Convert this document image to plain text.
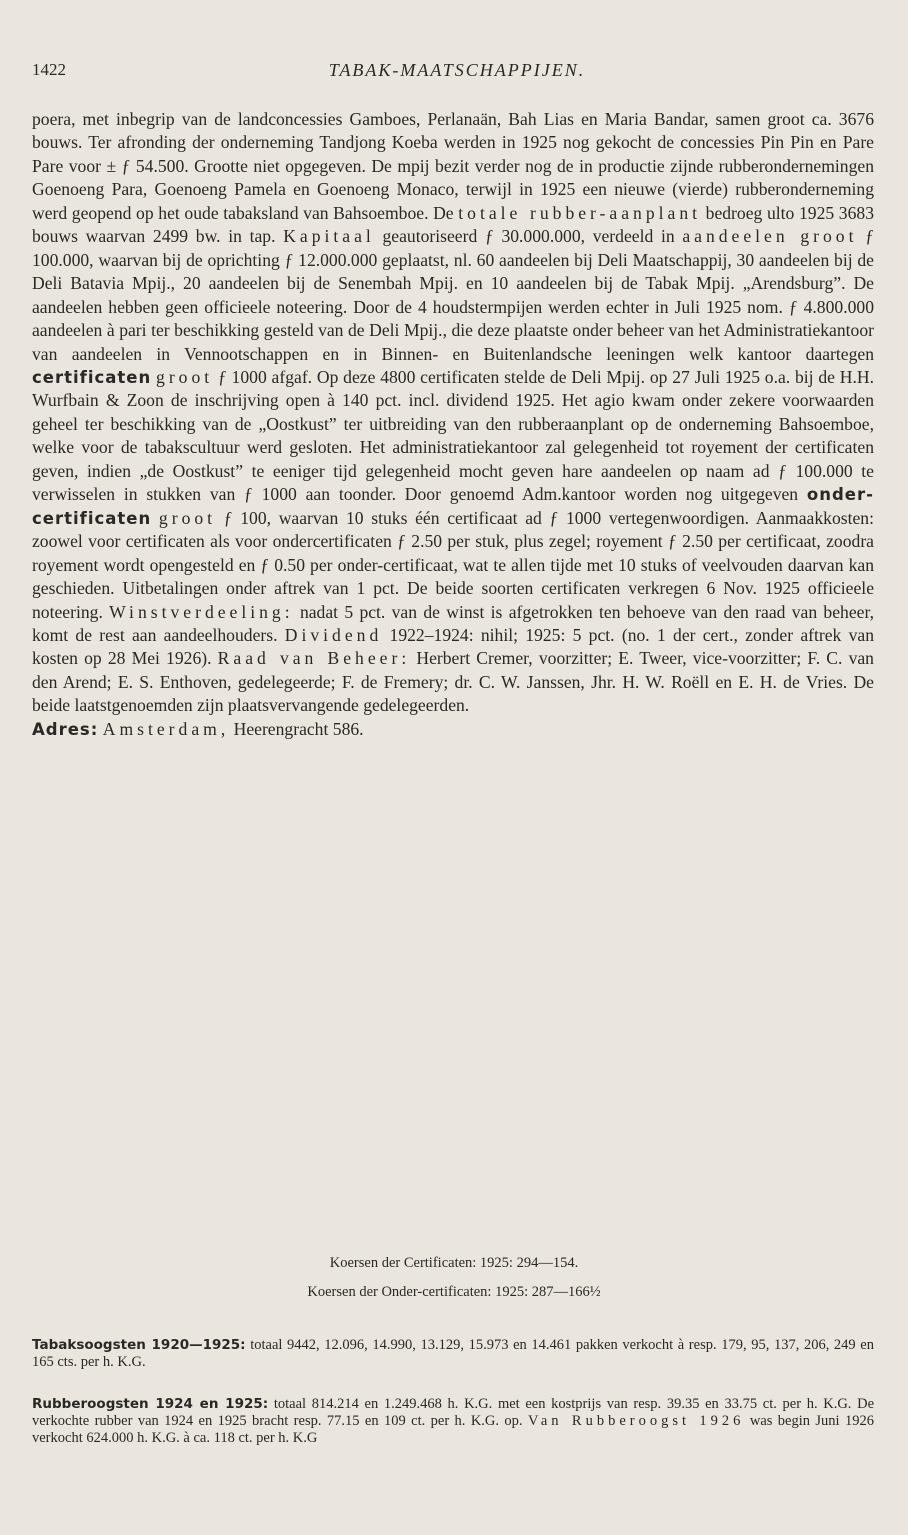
1422	TABAK-MAATSCHAPPIJEN.
poera, met inbegrip van de landconcessies Gamboes, Perlanaän, Bah Lias en Maria Bandar, samen groot ca. 3676 bouws. Ter afronding der onderneming Tandjong Koeba werden in 1925 nog gekocht de concessies Pin Pin en Pare Pare voor ± ƒ 54.500. Grootte niet opgegeven. De mpij bezit verder nog de in productie zijnde rubberondernemingen Goenoeng Para, Goenoeng Pamela en Goenoeng Monaco, terwijl in 1925 een nieuwe (vierde) rubberonderneming werd geopend op het oude tabaksland van Bahsoemboe. De totale rubber-aanplant bedroeg ulto 1925 3683 bouws waarvan 2499 bw. in tap. Kapitaal geautoriseerd ƒ 30.000.000, verdeeld in aandeelen groot ƒ 100.000, waarvan bij de oprichting ƒ 12.000.000 geplaatst, nl. 60 aandeelen bij Deli Maatschappij, 30 aandeelen bij de Deli Batavia Mpij., 20 aandeelen bij de Senembah Mpij. en 10 aandeelen bij de Tabak Mpij. „Arendsburg”. De aandeelen hebben geen officieele noteering. Door de 4 houdstermpijen werden echter in Juli 1925 nom. ƒ 4.800.000 aandeelen à pari ter beschikking gesteld van de Deli Mpij., die deze plaatste onder beheer van het Administratiekantoor van aandeelen in Vennootschappen en in Binnen- en Buitenlandsche leeningen welk kantoor daartegen certificaten groot ƒ 1000 afgaf. Op deze 4800 certificaten stelde de Deli Mpij. op 27 Juli 1925 o.a. bij de H.H. Wurfbain & Zoon de inschrijving open à 140 pct. incl. dividend 1925. Het agio kwam onder zekere voorwaarden geheel ter beschikking van de „Oostkust” ter uitbreiding van den rubberaanplant op de onderneming Bahsoemboe, welke voor de tabakscultuur werd gesloten. Het administratiekantoor zal gelegenheid tot royement der certificaten geven, indien „de Oostkust” te eeniger tijd gelegenheid mocht geven hare aandeelen op naam ad ƒ 100.000 te verwisselen in stukken van ƒ 1000 aan toonder. Door genoemd Adm.kantoor worden nog uitgegeven onder-certificaten groot ƒ 100, waarvan 10 stuks één certificaat ad ƒ 1000 vertegenwoordigen. Aanmaakkosten: zoowel voor certificaten als voor ondercertificaten ƒ 2.50 per stuk, plus zegel; royement ƒ 2.50 per certificaat, zoodra royement wordt opengesteld en ƒ 0.50 per onder-certificaat, wat te allen tijde met 10 stuks of veelvouden daarvan kan geschieden. Uitbetalingen onder aftrek van 1 pct. De beide soorten certificaten verkregen 6 Nov. 1925 officieele noteering. Winstverdeeling: nadat 5 pct. van de winst is afgetrokken ten behoeve van den raad van beheer, komt de rest aan aandeelhouders. Dividend 1922–1924: nihil; 1925: 5 pct. (no. 1 der cert., zonder aftrek van kosten op 28 Mei 1926). Raad van Beheer: Herbert Cremer, voorzitter; E. Tweer, vice-voorzitter; F. C. van den Arend; E. S. Enthoven, gedelegeerde; F. de Fremery; dr. C. W. Janssen, Jhr. H. W. Roëll en E. H. de Vries. De beide laatstgenoemden zijn plaatsvervangende gedelegeerden.
Adres: Amsterdam, Heerengracht 586.
Koersen der Certificaten: 1925: 294—154.
Koersen der Onder-certificaten: 1925: 287—166½
Tabaksoogsten 1920—1925: totaal 9442, 12.096, 14.990, 13.129, 15.973 en 14.461 pakken verkocht à resp. 179, 95, 137, 206, 249 en 165 cts. per h. K.G.
Rubberoogsten 1924 en 1925: totaal 814.214 en 1.249.468 h. K.G. met een kostprijs van resp. 39.35 en 33.75 ct. per h. K.G. De verkochte rubber van 1924 en 1925 bracht resp. 77.15 en 109 ct. per h. K.G. op. Van Rubberoogst 1926 was begin Juni 1926 verkocht 624.000 h. K.G. à ca. 118 ct. per h. K.G
